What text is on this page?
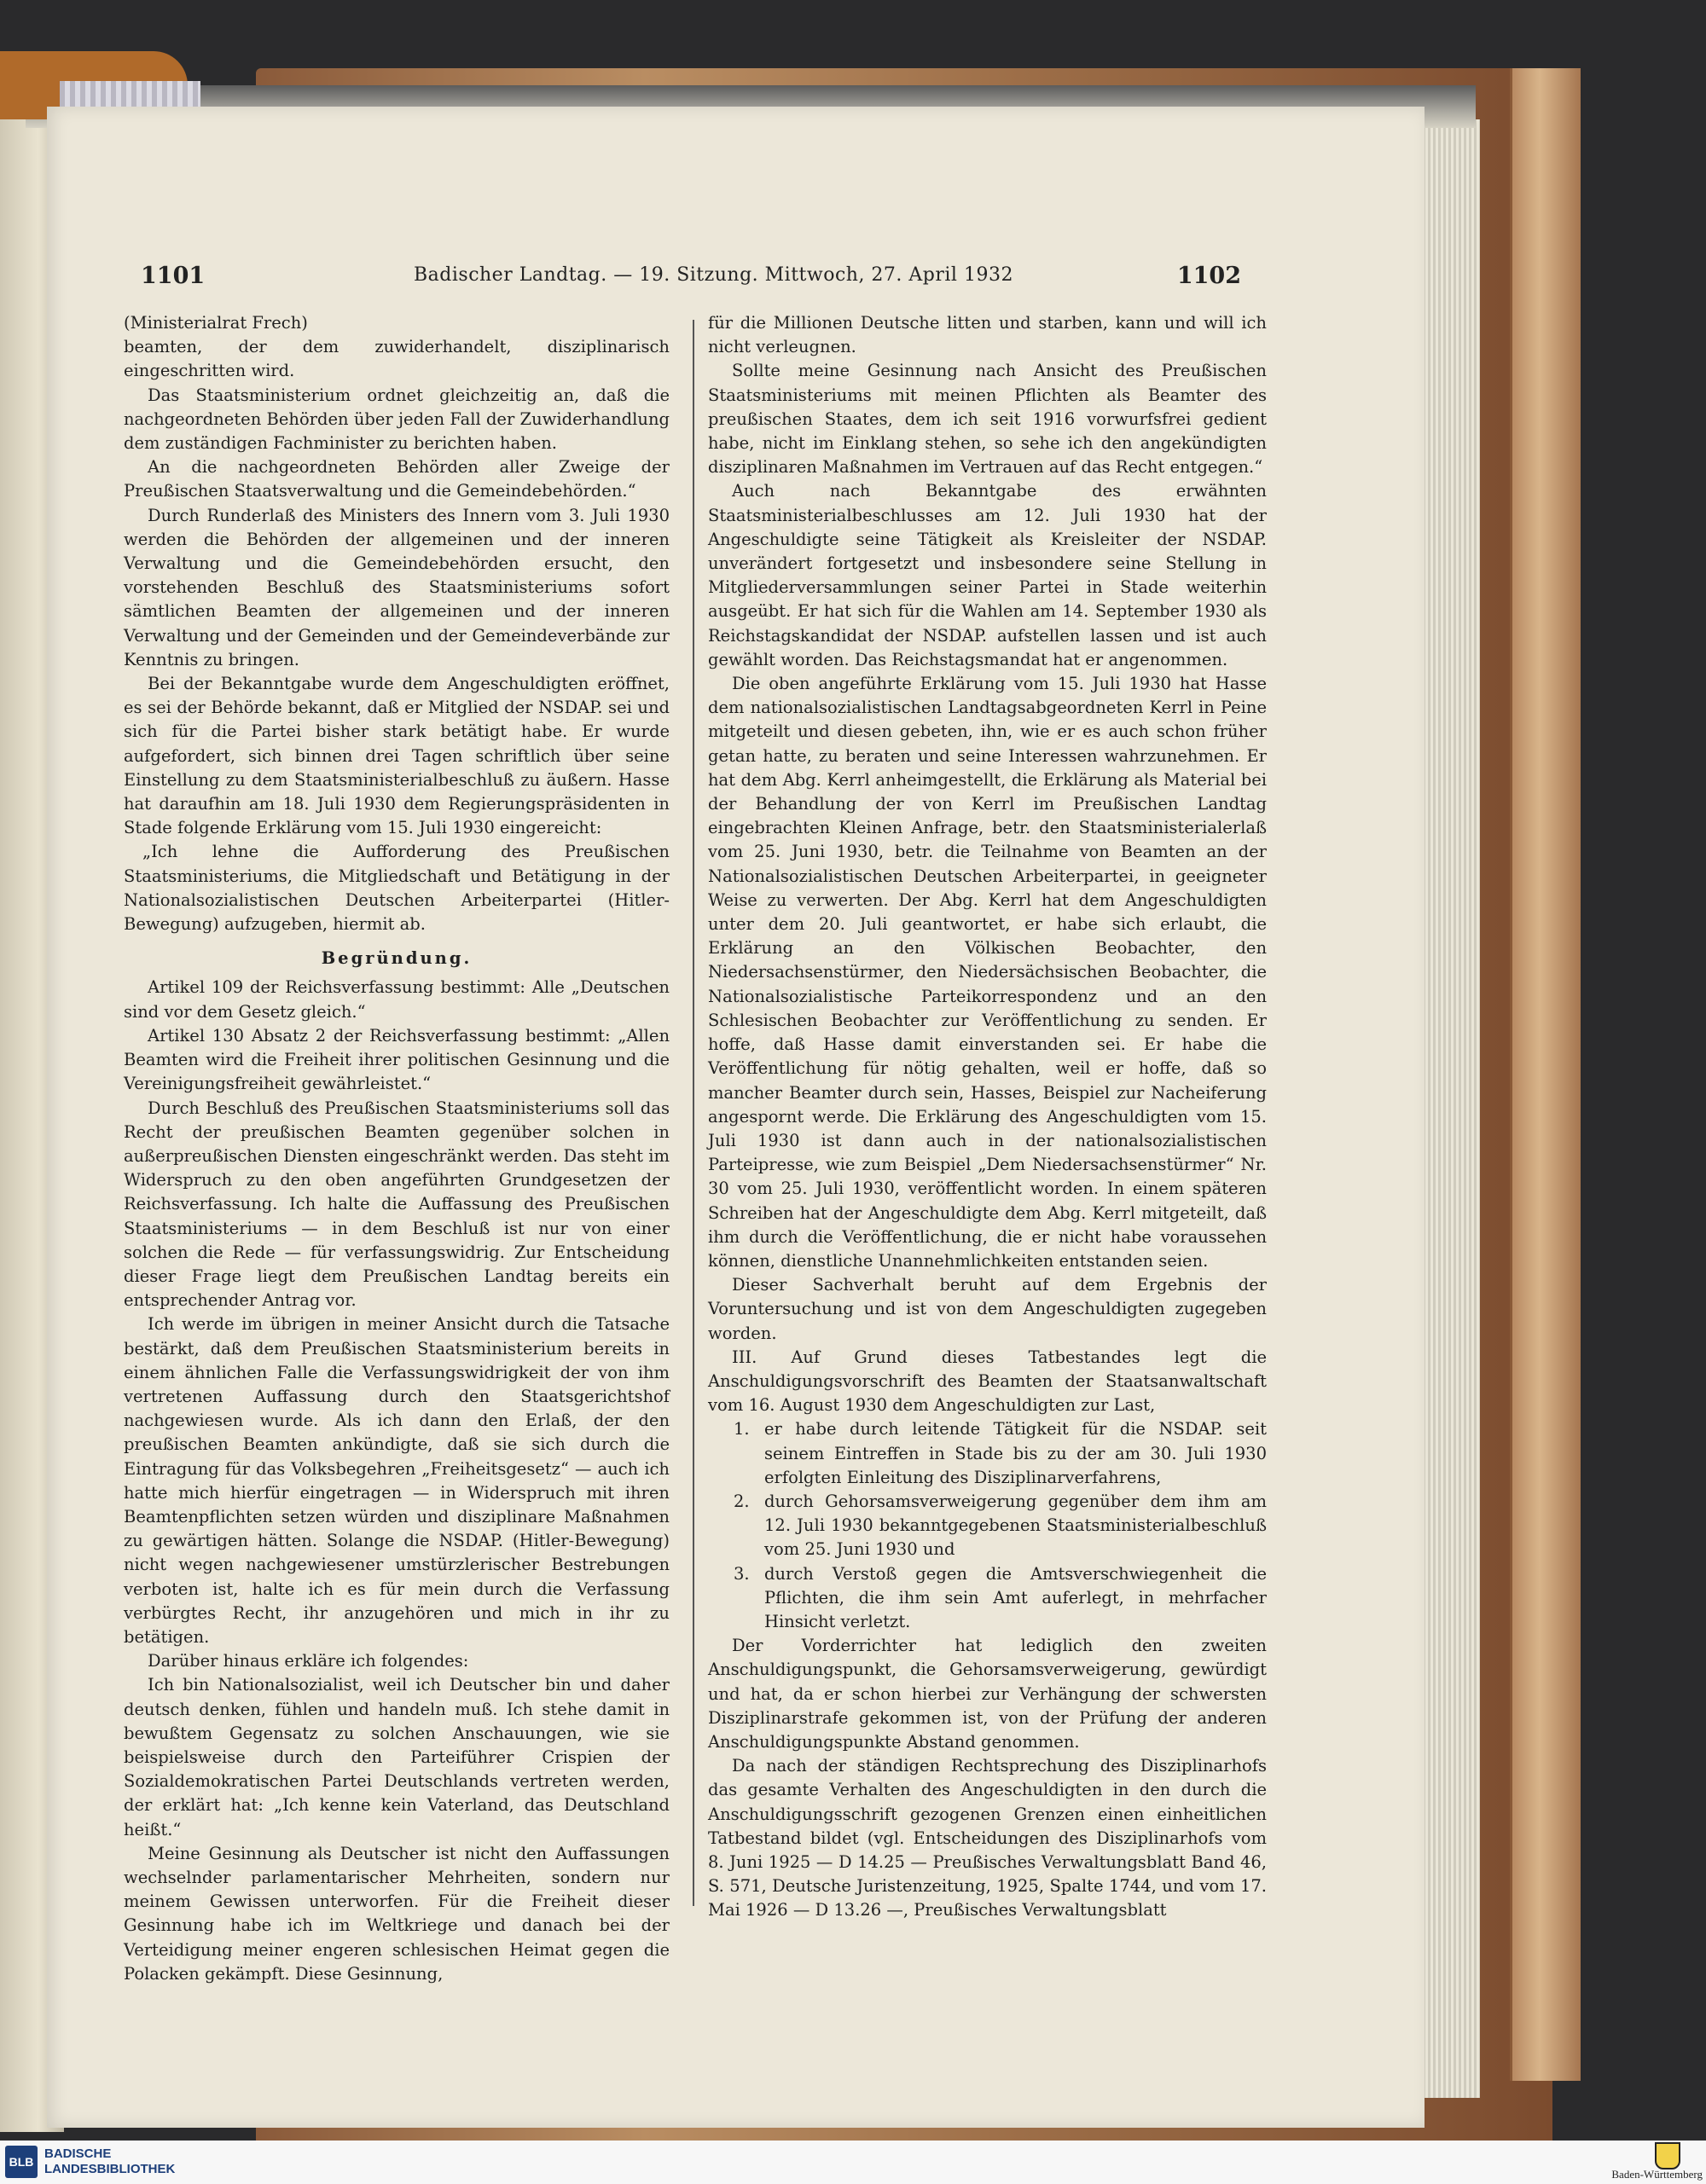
1101	Badischer Landtag. — 19. Sitzung. Mittwoch, 27. April 1932	1102

(Ministerialrat Frech)

beamten, der dem zuwiderhandelt, disziplinarisch eingeschritten wird.

Das Staatsministerium ordnet gleichzeitig an, daß die nachgeordneten Behörden über jeden Fall der Zuwiderhandlung dem zuständigen Fachminister zu berichten haben.

An die nachgeordneten Behörden aller Zweige der Preußischen Staatsverwaltung und die Gemeindebehörden.“

Durch Runderlaß des Ministers des Innern vom 3. Juli 1930 werden die Behörden der allgemeinen und der inneren Verwaltung und die Gemeindebehörden ersucht, den vorstehenden Beschluß des Staatsministeriums sofort sämtlichen Beamten der allgemeinen und der inneren Verwaltung und der Gemeinden und der Gemeindeverbände zur Kenntnis zu bringen.

Bei der Bekanntgabe wurde dem Angeschuldigten eröffnet, es sei der Behörde bekannt, daß er Mitglied der NSDAP. sei und sich für die Partei bisher stark betätigt habe. Er wurde aufgefordert, sich binnen drei Tagen schriftlich über seine Einstellung zu dem Staatsministerialbeschluß zu äußern. Hasse hat daraufhin am 18. Juli 1930 dem Regierungspräsidenten in Stade folgende Erklärung vom 15. Juli 1930 eingereicht:

„Ich lehne die Aufforderung des Preußischen Staatsministeriums, die Mitgliedschaft und Betätigung in der Nationalsozialistischen Deutschen Arbeiterpartei (Hitler-Bewegung) aufzugeben, hiermit ab.

Begründung.

Artikel 109 der Reichsverfassung bestimmt: Alle „Deutschen sind vor dem Gesetz gleich.“

Artikel 130 Absatz 2 der Reichsverfassung bestimmt: „Allen Beamten wird die Freiheit ihrer politischen Gesinnung und die Vereinigungsfreiheit gewährleistet.“

Durch Beschluß des Preußischen Staatsministeriums soll das Recht der preußischen Beamten gegenüber solchen in außerpreußischen Diensten eingeschränkt werden. Das steht im Widerspruch zu den oben angeführten Grundgesetzen der Reichsverfassung. Ich halte die Auffassung des Preußischen Staatsministeriums — in dem Beschluß ist nur von einer solchen die Rede — für verfassungswidrig. Zur Entscheidung dieser Frage liegt dem Preußischen Landtag bereits ein entsprechender Antrag vor.

Ich werde im übrigen in meiner Ansicht durch die Tatsache bestärkt, daß dem Preußischen Staatsministerium bereits in einem ähnlichen Falle die Verfassungswidrigkeit der von ihm vertretenen Auffassung durch den Staatsgerichtshof nachgewiesen wurde. Als ich dann den Erlaß, der den preußischen Beamten ankündigte, daß sie sich durch die Eintragung für das Volksbegehren „Freiheitsgesetz“ — auch ich hatte mich hierfür eingetragen — in Widerspruch mit ihren Beamtenpflichten setzen würden und disziplinare Maßnahmen zu gewärtigen hätten. Solange die NSDAP. (Hitler-Bewegung) nicht wegen nachgewiesener umstürzlerischer Bestrebungen verboten ist, halte ich es für mein durch die Verfassung verbürgtes Recht, ihr anzugehören und mich in ihr zu betätigen.

Darüber hinaus erkläre ich folgendes:

Ich bin Nationalsozialist, weil ich Deutscher bin und daher deutsch denken, fühlen und handeln muß. Ich stehe damit in bewußtem Gegensatz zu solchen Anschauungen, wie sie beispielsweise durch den Parteiführer Crispien der Sozialdemokratischen Partei Deutschlands vertreten werden, der erklärt hat: „Ich kenne kein Vaterland, das Deutschland heißt.“

Meine Gesinnung als Deutscher ist nicht den Auffassungen wechselnder parlamentarischer Mehrheiten, sondern nur meinem Gewissen unterworfen. Für die Freiheit dieser Gesinnung habe ich im Weltkriege und danach bei der Verteidigung meiner engeren schlesischen Heimat gegen die Polacken gekämpft. Diese Gesinnung,

für die Millionen Deutsche litten und starben, kann und will ich nicht verleugnen.

Sollte meine Gesinnung nach Ansicht des Preußischen Staatsministeriums mit meinen Pflichten als Beamter des preußischen Staates, dem ich seit 1916 vorwurfsfrei gedient habe, nicht im Einklang stehen, so sehe ich den angekündigten disziplinaren Maßnahmen im Vertrauen auf das Recht entgegen.“

Auch nach Bekanntgabe des erwähnten Staatsministerialbeschlusses am 12. Juli 1930 hat der Angeschuldigte seine Tätigkeit als Kreisleiter der NSDAP. unverändert fortgesetzt und insbesondere seine Stellung in Mitgliederversammlungen seiner Partei in Stade weiterhin ausgeübt. Er hat sich für die Wahlen am 14. September 1930 als Reichstagskandidat der NSDAP. aufstellen lassen und ist auch gewählt worden. Das Reichstagsmandat hat er angenommen.

Die oben angeführte Erklärung vom 15. Juli 1930 hat Hasse dem nationalsozialistischen Landtagsabgeordneten Kerrl in Peine mitgeteilt und diesen gebeten, ihn, wie er es auch schon früher getan hatte, zu beraten und seine Interessen wahrzunehmen. Er hat dem Abg. Kerrl anheimgestellt, die Erklärung als Material bei der Behandlung der von Kerrl im Preußischen Landtag eingebrachten Kleinen Anfrage, betr. den Staatsministerialerlaß vom 25. Juni 1930, betr. die Teilnahme von Beamten an der Nationalsozialistischen Deutschen Arbeiterpartei, in geeigneter Weise zu verwerten. Der Abg. Kerrl hat dem Angeschuldigten unter dem 20. Juli geantwortet, er habe sich erlaubt, die Erklärung an den Völkischen Beobachter, den Niedersachsenstürmer, den Niedersächsischen Beobachter, die Nationalsozialistische Parteikorrespondenz und an den Schlesischen Beobachter zur Veröffentlichung zu senden. Er hoffe, daß Hasse damit einverstanden sei. Er habe die Veröffentlichung für nötig gehalten, weil er hoffe, daß so mancher Beamter durch sein, Hasses, Beispiel zur Nacheiferung angespornt werde. Die Erklärung des Angeschuldigten vom 15. Juli 1930 ist dann auch in der nationalsozialistischen Parteipresse, wie zum Beispiel „Dem Niedersachsenstürmer“ Nr. 30 vom 25. Juli 1930, veröffentlicht worden. In einem späteren Schreiben hat der Angeschuldigte dem Abg. Kerrl mitgeteilt, daß ihm durch die Veröffentlichung, die er nicht habe voraussehen können, dienstliche Unannehmlichkeiten entstanden seien.

Dieser Sachverhalt beruht auf dem Ergebnis der Voruntersuchung und ist von dem Angeschuldigten zugegeben worden.

III. Auf Grund dieses Tatbestandes legt die Anschuldigungsvorschrift des Beamten der Staatsanwaltschaft vom 16. August 1930 dem Angeschuldigten zur Last,

1. er habe durch leitende Tätigkeit für die NSDAP. seit seinem Eintreffen in Stade bis zu der am 30. Juli 1930 erfolgten Einleitung des Disziplinarverfahrens,
2. durch Gehorsamsverweigerung gegenüber dem ihm am 12. Juli 1930 bekanntgegebenen Staatsministerialbeschluß vom 25. Juni 1930 und
3. durch Verstoß gegen die Amtsverschwiegenheit die Pflichten, die ihm sein Amt auferlegt, in mehrfacher Hinsicht verletzt.

Der Vorderrichter hat lediglich den zweiten Anschuldigungspunkt, die Gehorsamsverweigerung, gewürdigt und hat, da er schon hierbei zur Verhängung der schwersten Disziplinarstrafe gekommen ist, von der Prüfung der anderen Anschuldigungspunkte Abstand genommen.

Da nach der ständigen Rechtsprechung des Disziplinarhofs das gesamte Verhalten des Angeschuldigten in den durch die Anschuldigungsschrift gezogenen Grenzen einen einheitlichen Tatbestand bildet (vgl. Entscheidungen des Disziplinarhofs vom 8. Juni 1925 — D 14.25 — Preußisches Verwaltungsblatt Band 46, S. 571, Deutsche Juristenzeitung, 1925, Spalte 1744, und vom 17. Mai 1926 — D 13.26 —, Preußisches Verwaltungsblatt

BLB
BADISCHE
LANDESBIBLIOTHEK	Baden-Württemberg
